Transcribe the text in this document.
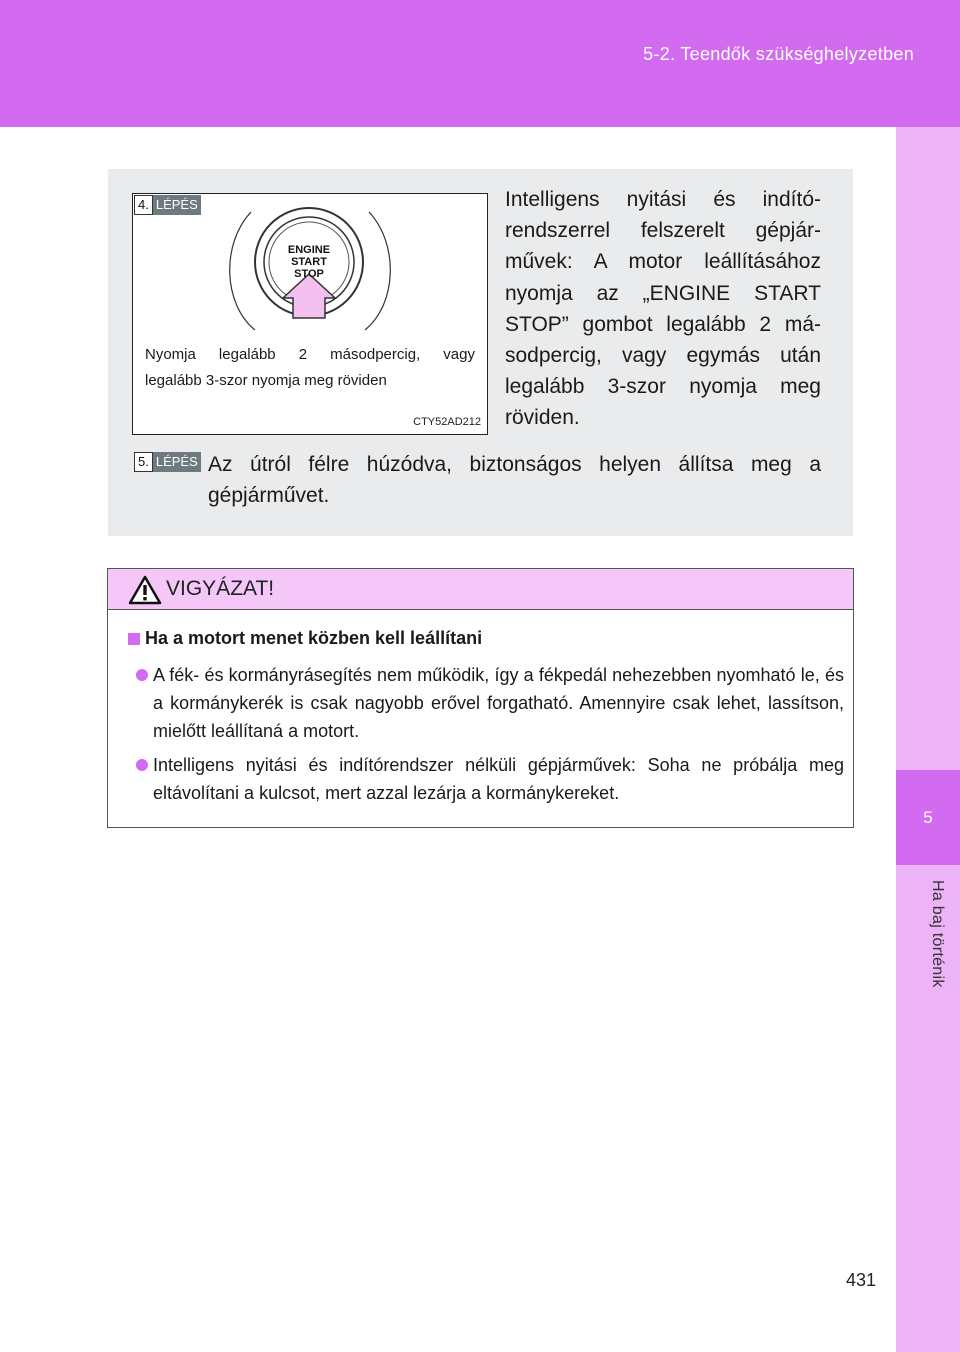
5-2. Teendők szükséghelyzetben
5
Ha baj történik
ENGINE
START
STOP
Nyomja legalább 2 másodpercig, vagy
legalább 3-szor nyomja meg röviden
CTY52AD212
4. LÉPÉS	Intelligens nyitási és indító-rendszerrel felszerelt gépjár-művek: A motor leállításához nyomja az „ENGINE START STOP” gombot legalább 2 má-sodpercig, vagy egymás után legalább 3-szor nyomja meg röviden.
5. LÉPÉS Az útról félre húzódva, biztonságos helyen állítsa meg a gépjárművet.
VIGYÁZAT!
Ha a motort menet közben kell leállítani
A fék- és kormányrásegítés nem működik, így a fékpedál nehezebben nyomható le, és a kormánykerék is csak nagyobb erővel forgatható. Amennyire csak lehet, lassítson, mielőtt leállítaná a motort.
Intelligens nyitási és indítórendszer nélküli gépjárművek: Soha ne próbálja meg eltávolítani a kulcsot, mert azzal lezárja a kormánykereket.
431
